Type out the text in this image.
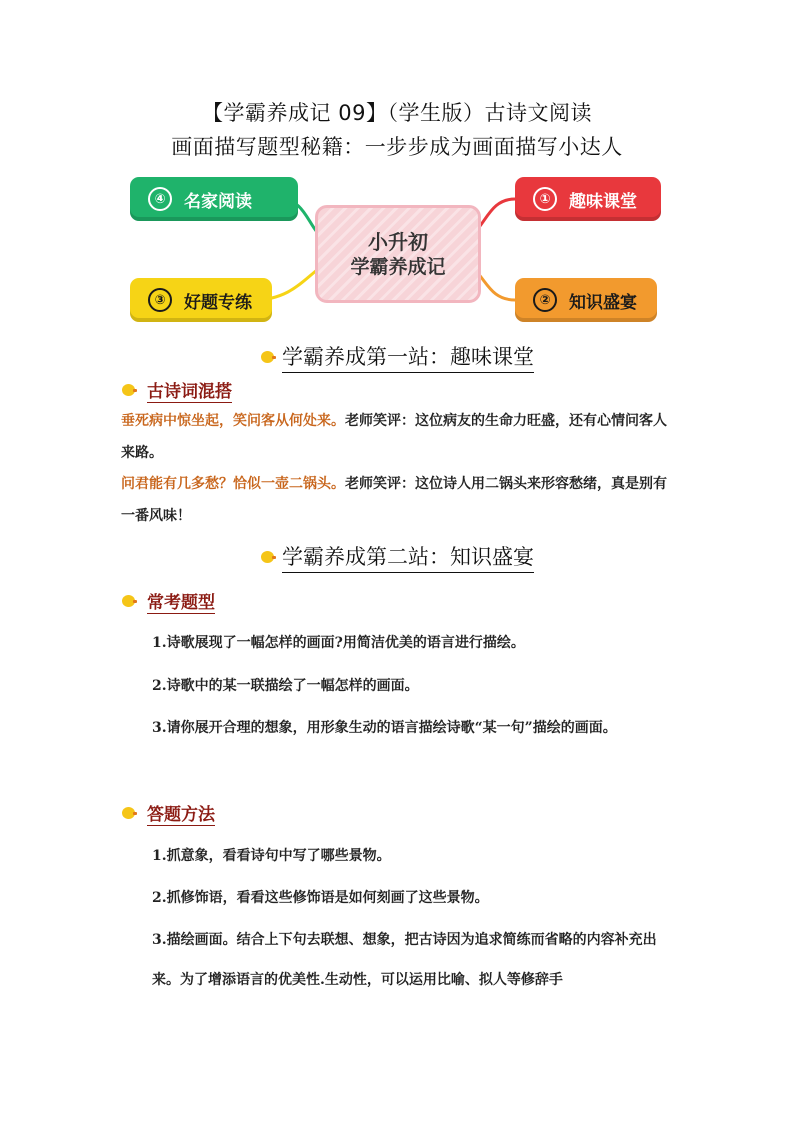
【学霸养成记 09】（学生版）古诗文阅读
画面描写题型秘籍：一步步成为画面描写小达人
④	名家阅读	①	趣味课堂
③	好题专练	②	知识盛宴
小升初
学霸养成记
学霸养成第一站：趣味课堂
古诗词混搭
垂死病中惊坐起，笑问客从何处来。老师笑评：这位病友的生命力旺盛，还有心情问客人来路。
问君能有几多愁？恰似一壶二锅头。老师笑评：这位诗人用二锅头来形容愁绪，真是别有一番风味！
学霸养成第二站：知识盛宴
常考题型
1.诗歌展现了一幅怎样的画面?用简洁优美的语言进行描绘。
2.诗歌中的某一联描绘了一幅怎样的画面。
3.请你展开合理的想象，用形象生动的语言描绘诗歌“某一句”描绘的画面。
答题方法
1.抓意象，看看诗句中写了哪些景物。
2.抓修饰语，看看这些修饰语是如何刻画了这些景物。
3.描绘画面。结合上下句去联想、想象，把古诗因为追求简练而省略的内容补充出来。为了增添语言的优美性.生动性，可以运用比喻、拟人等修辞手
